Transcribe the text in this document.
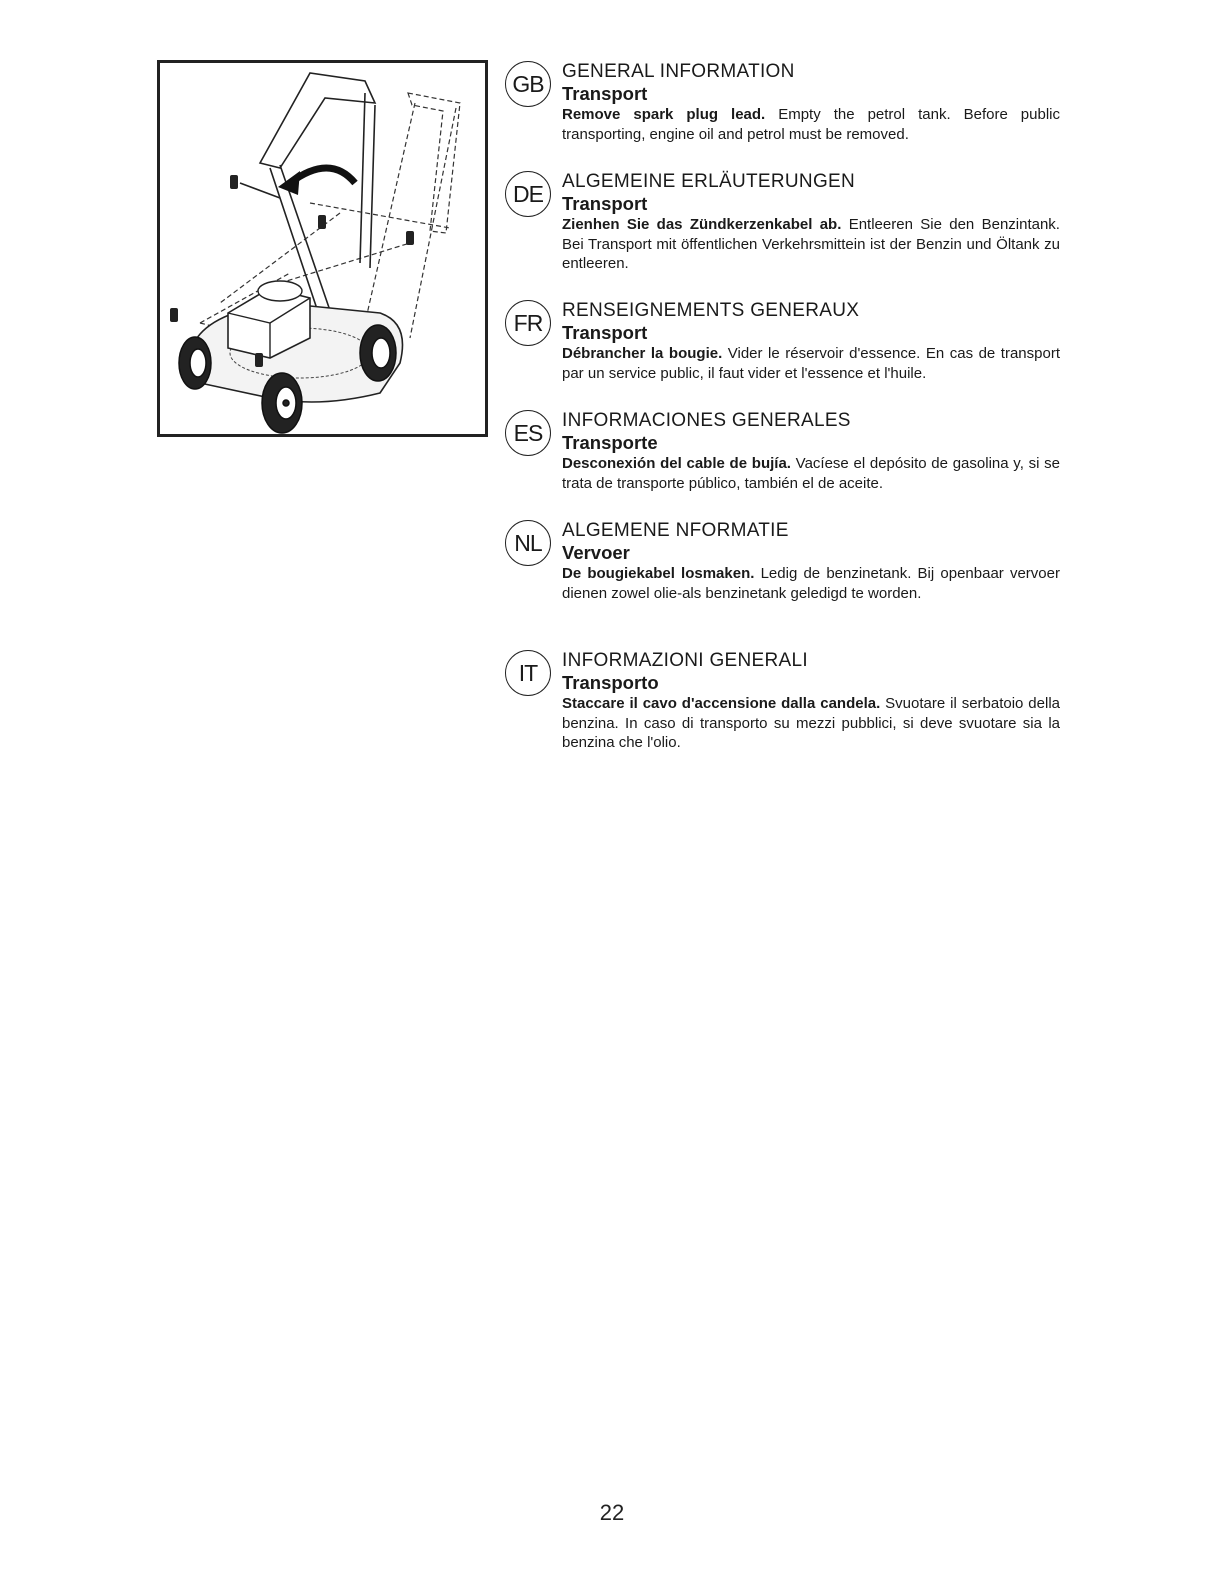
GB GENERAL INFORMATION
Transport

Remove spark plug lead. Empty the petrol tank. Before public transporting, engine oil and petrol must be removed.

DE	ALGEMEINE ERLÄUTERUNGEN
Transport

Zienhen Sie das Zündkerzenkabel ab. Entleeren Sie den Benzintank. Bei Transport mit öffentlichen Verkehrsmittein ist der Benzin und Öltank zu entleeren.

FR	RENSEIGNEMENTS GENERAUX
Transport

Débrancher la bougie. Vider le réservoir d'essence. En cas de transport par un service public, il faut vider et l'essence et l'huile.

ES	INFORMACIONES GENERALES
Transporte

Desconexión del cable de bujía. Vacíese el depósito de gasolina y, si se trata de transporte público, también el de aceite.

NL	ALGEMENE NFORMATIE
Vervoer

De bougiekabel losmaken. Ledig de benzinetank. Bij openbaar vervoer dienen zowel olie-als benzinetank geledigd te worden.

IT	INFORMAZIONI GENERALI
Transporto

Staccare il cavo d'accensione dalla candela. Svuotare il serbatoio della benzina. In caso di transporto su mezzi pubblici, si deve svuotare sia la benzina che l'olio.

22
